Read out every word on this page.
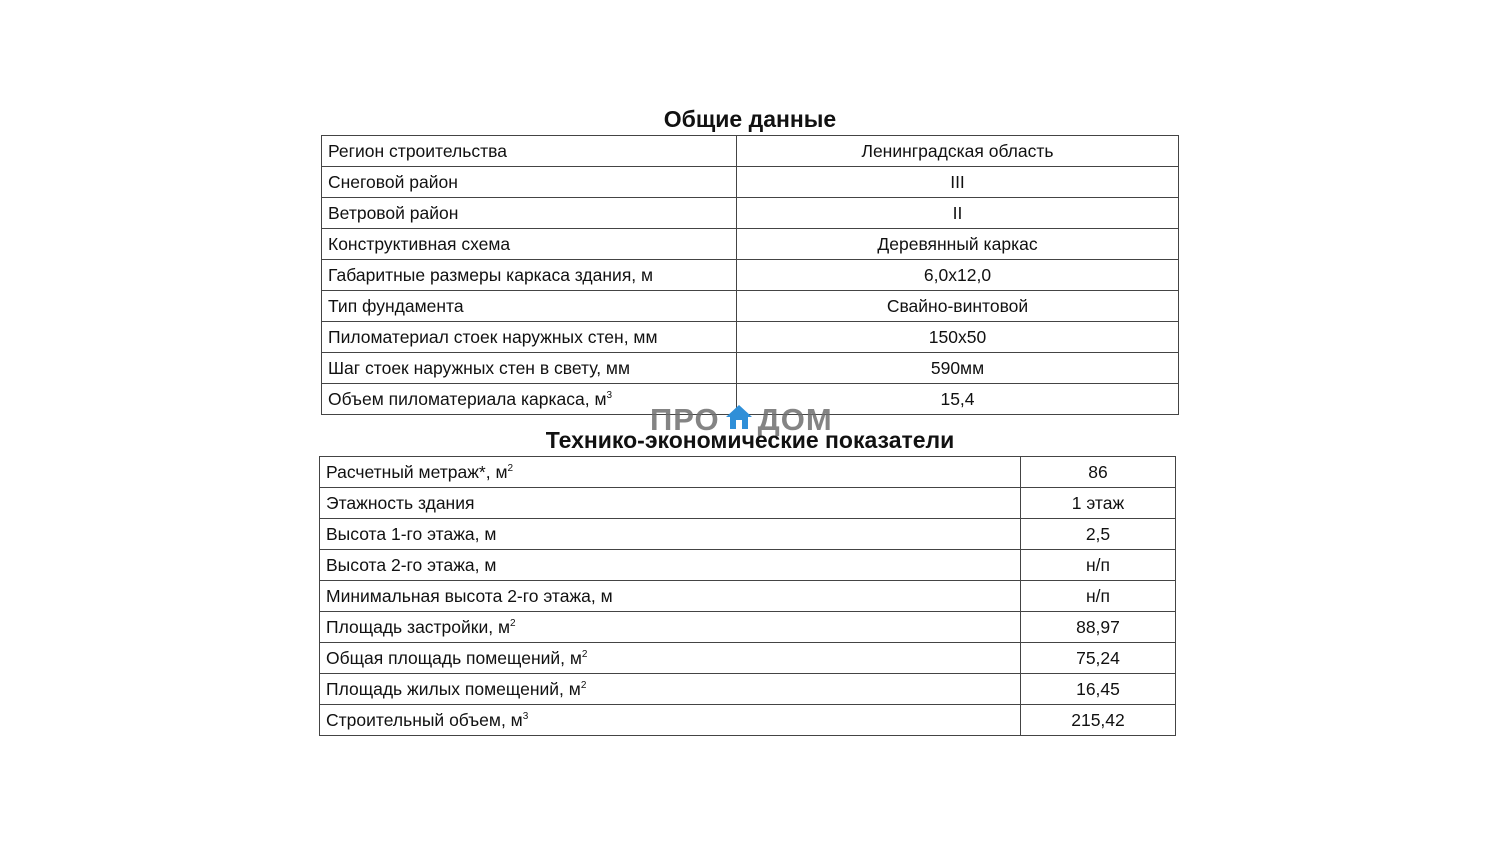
Общие данные
Регион строительства	Ленинградская область
Снеговой район	III
Ветровой район	II
Конструктивная схема	Деревянный каркас
Габаритные размеры каркаса здания, м	6,0x12,0
Тип фундамента	Свайно-винтовой
Пиломатериал стоек наружных стен, мм	150x50
Шаг стоек наружных стен в свету, мм	590мм
Объем пиломатериала каркаса, $м^3$	15,4
ПРО ДОМ
Технико-экономические показатели
Расчетный метраж*, $м^2$	86
Этажность здания	1 этаж
Высота 1-го этажа, м	2,5
Высота 2-го этажа, м	н/п
Минимальная высота 2-го этажа, м	н/п
Площадь застройки, $м^2$	88,97
Общая площадь помещений, $м^2$	75,24
Площадь жилых помещений, $м^2$	16,45
Строительный объем, $м^3$	215,42
